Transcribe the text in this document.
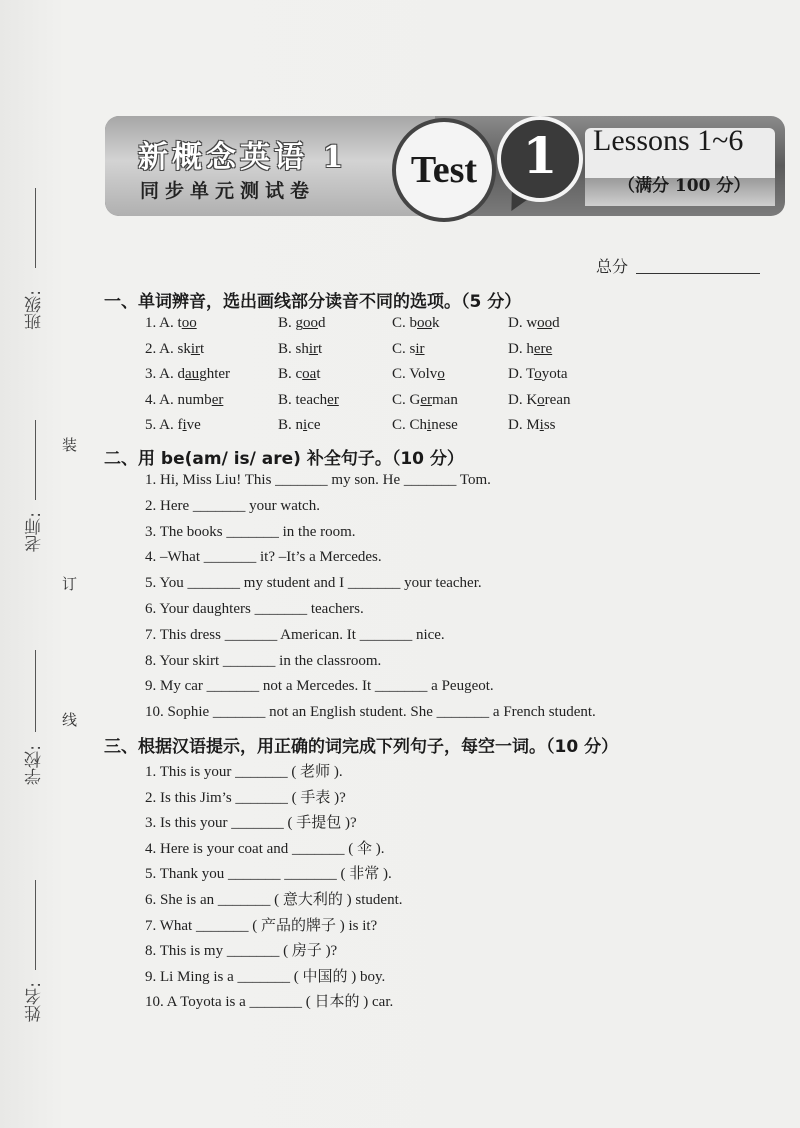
班级:
老师:
学校:
姓名:
装
订
线
新概念英语 1
同步单元测试卷	Test 1	Lessons 1~6
（满分 100 分）
总分
一、单词辨音，选出画线部分读音不同的选项。（5 分）
1. A. too	B. good	C. book	D. wood
2. A. skirt	B. shirt	C. sir	D. here
3. A. daughter	B. coat	C. Volvo	D. Toyota
4. A. number	B. teacher	C. German	D. Korean
5. A. five	B. nice	C. Chinese	D. Miss
二、用 be(am/ is/ are) 补全句子。（10 分）
1. Hi, Miss Liu! This _______ my son. He _______ Tom.
2. Here _______ your watch.
3. The books _______ in the room.
4. –What _______ it? –It’s a Mercedes.
5. You _______ my student and I _______ your teacher.
6. Your daughters _______ teachers.
7. This dress _______ American. It _______ nice.
8. Your skirt _______ in the classroom.
9. My car _______ not a Mercedes. It _______ a Peugeot.
10. Sophie _______ not an English student. She _______ a French student.
三、根据汉语提示，用正确的词完成下列句子，每空一词。（10 分）
1. This is your _______ ( 老师 ).
2. Is this Jim’s _______ ( 手表 )?
3. Is this your _______ ( 手提包 )?
4. Here is your coat and _______ ( 伞 ).
5. Thank you _______ _______ ( 非常 ).
6. She is an _______ ( 意大利的 ) student.
7. What _______ ( 产品的牌子 ) is it?
8. This is my _______ ( 房子 )?
9. Li Ming is a _______ ( 中国的 ) boy.
10. A Toyota is a _______ ( 日本的 ) car.
